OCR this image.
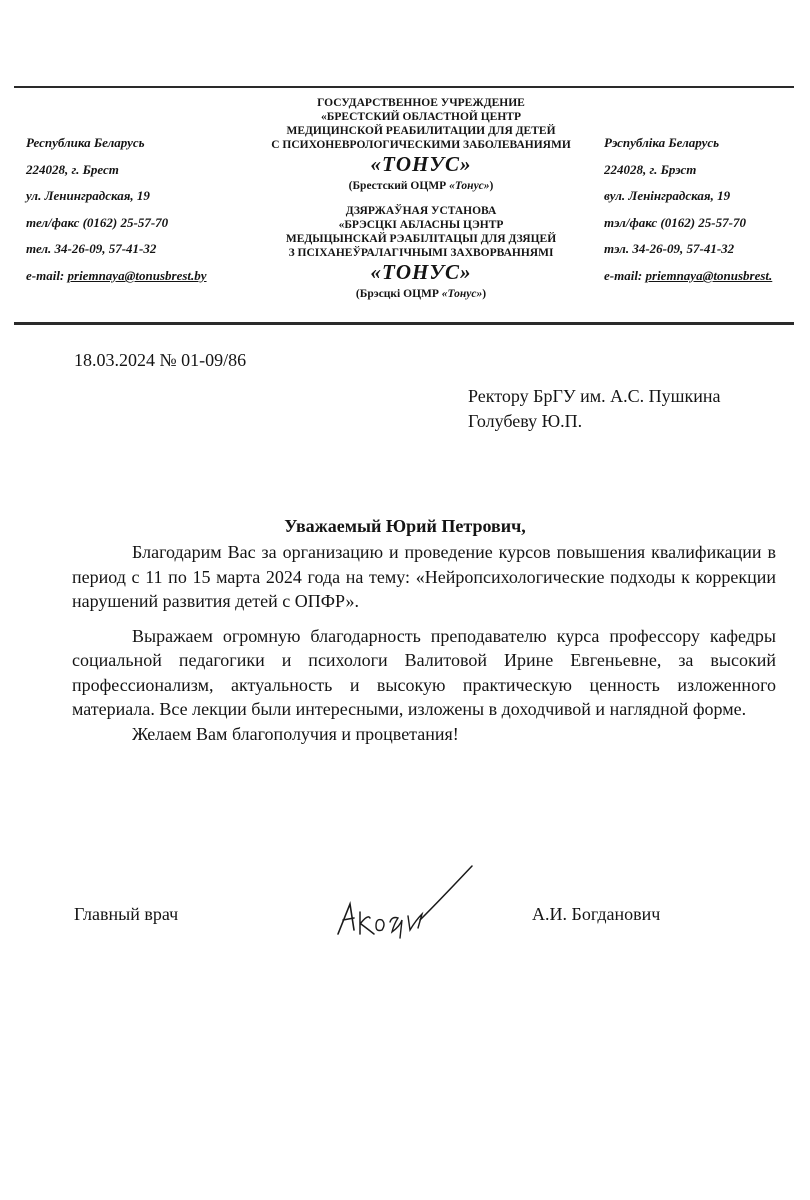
Республика Беларусь
224028, г. Брест
ул. Ленинградская, 19
тел/факс (0162) 25-57-70
тел. 34-26-09, 57-41-32
e-mail: priemnaya@tonusbrest.by
ГОСУДАРСТВЕННОЕ УЧРЕЖДЕНИЕ
«БРЕСТСКИЙ ОБЛАСТНОЙ ЦЕНТР
МЕДИЦИНСКОЙ РЕАБИЛИТАЦИИ ДЛЯ ДЕТЕЙ
С ПСИХОНЕВРОЛОГИЧЕСКИМИ ЗАБОЛЕВАНИЯМИ
«ТОНУС»
(Брестский ОЦМР «Тонус»)
ДЗЯРЖАЎНАЯ УСТАНОВА
«БРЭСЦКІ АБЛАСНЫ ЦЭНТР
МЕДЫЦЫНСКАЙ РЭАБІЛІТАЦЫІ ДЛЯ ДЗЯЦЕЙ
З ПСІХАНЕЎРАЛАГІЧНЫМІ ЗАХВОРВАННЯМІ
«ТОНУС»
(Брэсцкі ОЦМР «Тонус»)
Рэспубліка Беларусь
224028, г. Брэст
вул. Ленінградская, 19
тэл/факс (0162) 25-57-70
тэл. 34-26-09, 57-41-32
e-mail: priemnaya@tonusbrest.
18.03.2024 № 01-09/86
Ректору БрГУ им. А.С. Пушкина
Голубеву Ю.П.
Уважаемый Юрий Петрович,

Благодарим Вас за организацию и проведение курсов повышения квалификации в период с 11 по 15 марта 2024 года на тему: «Нейропсихологические подходы к коррекции нарушений развития детей с ОПФР».

Выражаем огромную благодарность преподавателю курса профессору кафедры социальной педагогики и психологи Валитовой Ирине Евгеньевне, за высокий профессионализм, актуальность и высокую практическую ценность изложенного материала. Все лекции были интересными, изложены в доходчивой и наглядной форме.

Желаем Вам благополучия и процветания!

Главный врач	А.И. Богданович
